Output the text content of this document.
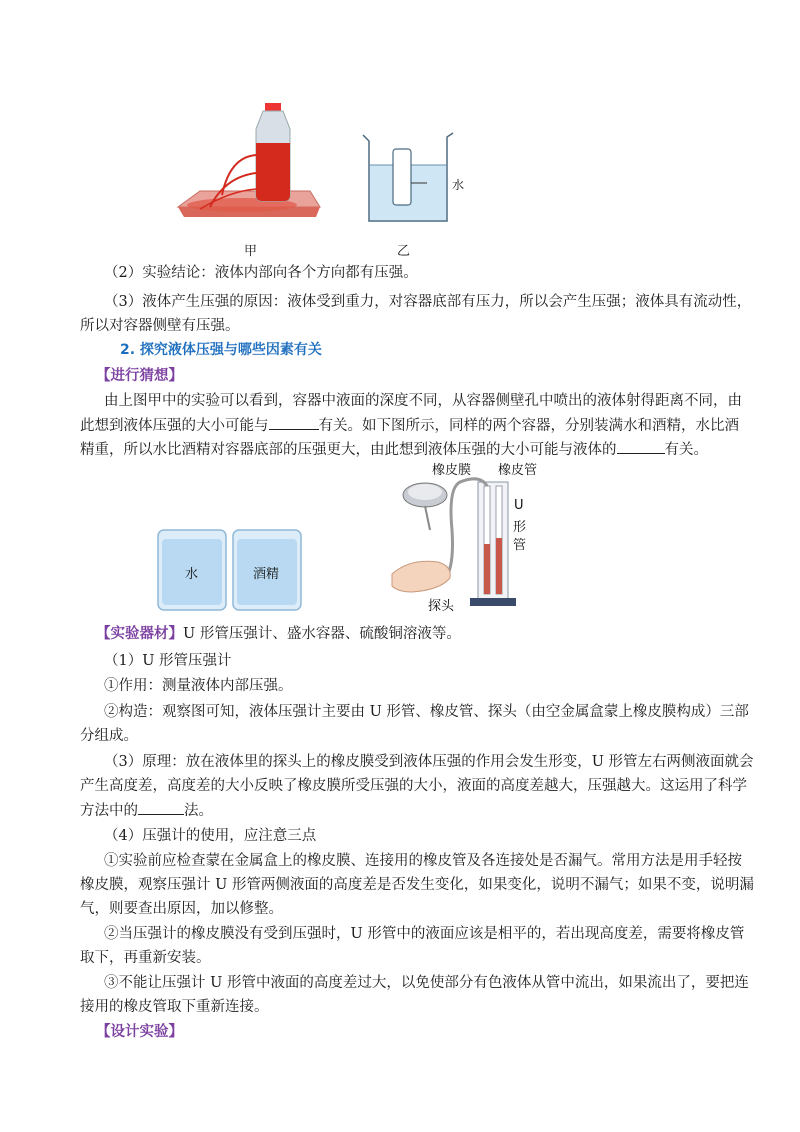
甲
水
乙
（2）实验结论：液体内部向各个方向都有压强。
（3）液体产生压强的原因：液体受到重力，对容器底部有压力，所以会产生压强；液体具有流动性，
所以对容器侧壁有压强。
2. 探究液体压强与哪些因素有关
【进行猜想】
由上图甲中的实验可以看到，容器中液面的深度不同，从容器侧壁孔中喷出的液体射得距离不同，由
此想到液体压强的大小可能与	有关。如下图所示，同样的两个容器，分别装满水和酒精，水比酒
精重，所以水比酒精对容器底部的压强更大，由此想到液体压强的大小可能与液体的	有关。
水	酒精
橡皮膜 橡皮管
U
形
管
探头
【实验器材】U 形管压强计、盛水容器、硫酸铜溶液等。
（1）U 形管压强计
①作用：测量液体内部压强。
②构造：观察图可知，液体压强计主要由 U 形管、橡皮管、探头（由空金属盒蒙上橡皮膜构成）三部
分组成。
（3）原理：放在液体里的探头上的橡皮膜受到液体压强的作用会发生形变，U 形管左右两侧液面就会
产生高度差，高度差的大小反映了橡皮膜所受压强的大小，液面的高度差越大，压强越大。这运用了科学
方法中的	法。
（4）压强计的使用，应注意三点
①实验前应检查蒙在金属盒上的橡皮膜、连接用的橡皮管及各连接处是否漏气。常用方法是用手轻按
橡皮膜，观察压强计 U 形管两侧液面的高度差是否发生变化，如果变化，说明不漏气；如果不变，说明漏
气，则要查出原因，加以修整。
②当压强计的橡皮膜没有受到压强时，U 形管中的液面应该是相平的，若出现高度差，需要将橡皮管
取下，再重新安装。
③不能让压强计 U 形管中液面的高度差过大，以免使部分有色液体从管中流出，如果流出了，要把连
接用的橡皮管取下重新连接。
【设计实验】
